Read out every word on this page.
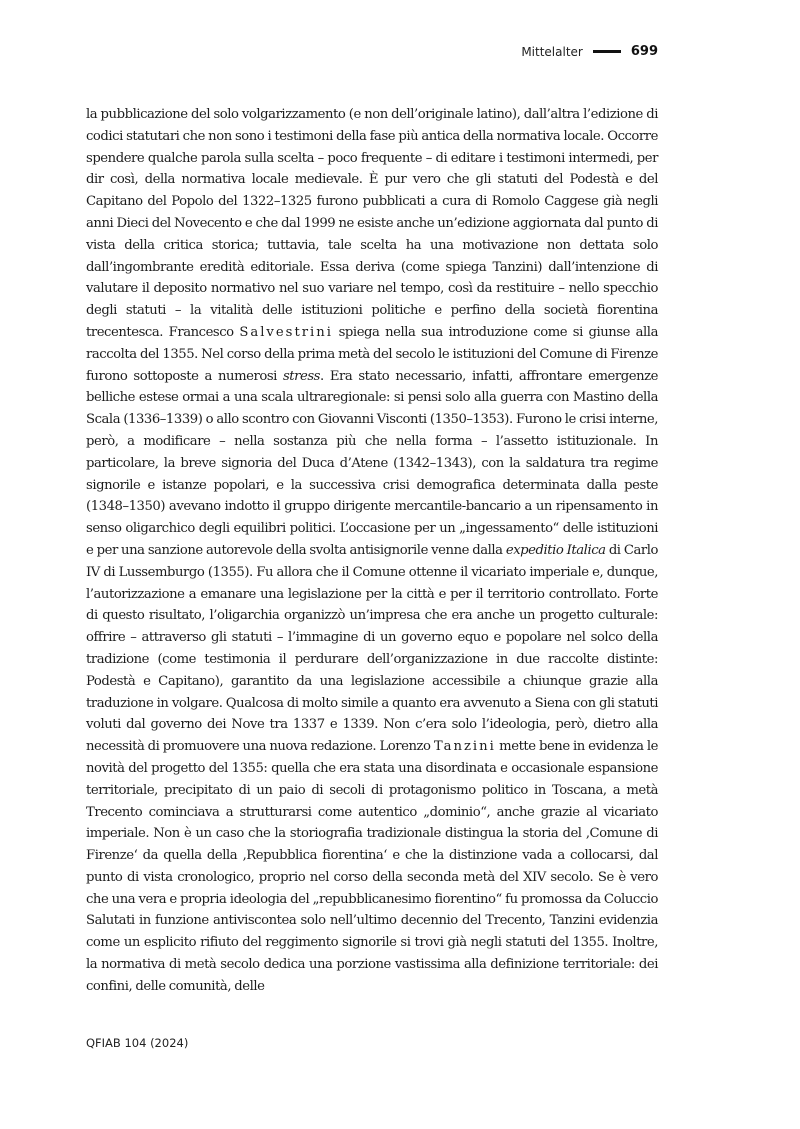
Mittelalter	699

la pubblicazione del solo volgarizzamento (e non dell’originale latino), dall’altra l’edizione di codici statutari che non sono i testimoni della fase più antica della normativa locale. Occorre spendere qualche parola sulla scelta – poco frequente – di editare i testimoni intermedi, per dir così, della normativa locale medievale. È pur vero che gli statuti del Podestà e del Capitano del Popolo del 1322–1325 furono pubblicati a cura di Romolo Caggese già negli anni Dieci del Novecento e che dal 1999 ne esiste anche un’edizione aggiornata dal punto di vista della critica storica; tuttavia, tale scelta ha una motivazione non dettata solo dall’ingombrante eredità editoriale. Essa deriva (come spiega Tanzini) dall’intenzione di valutare il deposito normativo nel suo variare nel tempo, così da restituire – nello specchio degli statuti – la vitalità delle istituzioni politiche e perfino della società fiorentina trecentesca. Francesco Salvestrini spiega nella sua introduzione come si giunse alla raccolta del 1355. Nel corso della prima metà del secolo le istituzioni del Comune di Firenze furono sottoposte a numerosi stress. Era stato necessario, infatti, affrontare emergenze belliche estese ormai a una scala ultraregionale: si pensi solo alla guerra con Mastino della Scala (1336–1339) o allo scontro con Giovanni Visconti (1350–1353). Furono le crisi interne, però, a modificare – nella sostanza più che nella forma – l’assetto istituzionale. In particolare, la breve signoria del Duca d’Atene (1342–1343), con la saldatura tra regime signorile e istanze popolari, e la successiva crisi demografica determinata dalla peste (1348–1350) avevano indotto il gruppo dirigente mercantile-bancario a un ripensamento in senso oligarchico degli equilibri politici. L’occasione per un „ingessamento“ delle istituzioni e per una sanzione autorevole della svolta antisignorile venne dalla expeditio Italica di Carlo IV di Lussemburgo (1355). Fu allora che il Comune ottenne il vicariato imperiale e, dunque, l’autorizzazione a emanare una legislazione per la città e per il territorio controllato. Forte di questo risultato, l’oligarchia organizzò un’impresa che era anche un progetto culturale: offrire – attraverso gli statuti – l’immagine di un governo equo e popolare nel solco della tradizione (come testimonia il perdurare dell’organizzazione in due raccolte distinte: Podestà e Capitano), garantito da una legislazione accessibile a chiunque grazie alla traduzione in volgare. Qualcosa di molto simile a quanto era avvenuto a Siena con gli statuti voluti dal governo dei Nove tra 1337 e 1339. Non c’era solo l’ideologia, però, dietro alla necessità di promuovere una nuova redazione. Lorenzo Tanzini mette bene in evidenza le novità del progetto del 1355: quella che era stata una disordinata e occasionale espansione territoriale, precipitato di un paio di secoli di protagonismo politico in Toscana, a metà Trecento cominciava a strutturarsi come autentico „dominio“, anche grazie al vicariato imperiale. Non è un caso che la storiografia tradizionale distingua la storia del ‚Comune di Firenze‘ da quella della ‚Repubblica fiorentina‘ e che la distinzione vada a collocarsi, dal punto di vista cronologico, proprio nel corso della seconda metà del XIV secolo. Se è vero che una vera e propria ideologia del „repubblicanesimo fiorentino“ fu promossa da Coluccio Salutati in funzione antiviscontea solo nell’ultimo decennio del Trecento, Tanzini evidenzia come un esplicito rifiuto del reggimento signorile si trovi già negli statuti del 1355. Inoltre, la normativa di metà secolo dedica una porzione vastissima alla definizione territoriale: dei confini, delle comunità, delle

QFIAB 104 (2024)
